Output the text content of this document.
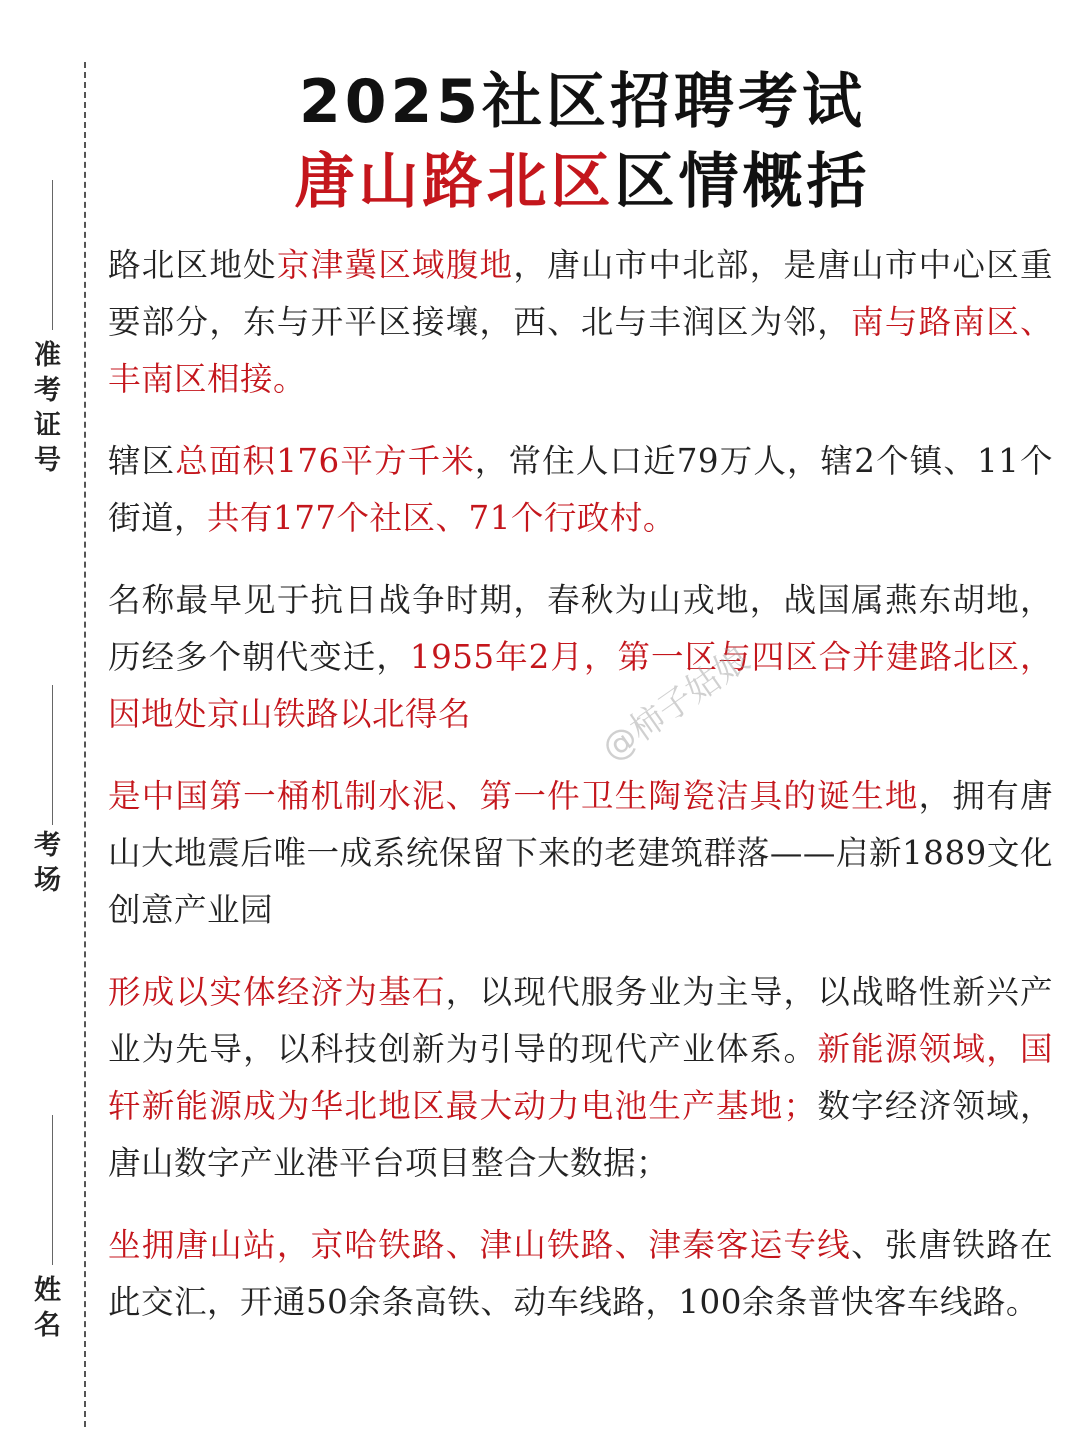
准考证号
考场
姓名
2025社区招聘考试
唐山路北区区情概括

路北区地处京津冀区域腹地，唐山市中北部，是唐山市中心区重要部分，东与开平区接壤，西、北与丰润区为邻，南与路南区、丰南区相接。

辖区总面积176平方千米，常住人口近79万人，辖2个镇、11个街道，共有177个社区、71个行政村。

名称最早见于抗日战争时期，春秋为山戎地，战国属燕东胡地，历经多个朝代变迁，1955年2月，第一区与四区合并建路北区，因地处京山铁路以北得名

是中国第一桶机制水泥、第一件卫生陶瓷洁具的诞生地，拥有唐山大地震后唯一成系统保留下来的老建筑群落——启新1889文化创意产业园

形成以实体经济为基石，以现代服务业为主导，以战略性新兴产业为先导，以科技创新为引导的现代产业体系。新能源领域，国轩新能源成为华北地区最大动力电池生产基地；数字经济领域，唐山数字产业港平台项目整合大数据；

坐拥唐山站，京哈铁路、津山铁路、津秦客运专线、张唐铁路在此交汇，开通50余条高铁、动车线路，100余条普快客车线路。

@柿子姑娘
